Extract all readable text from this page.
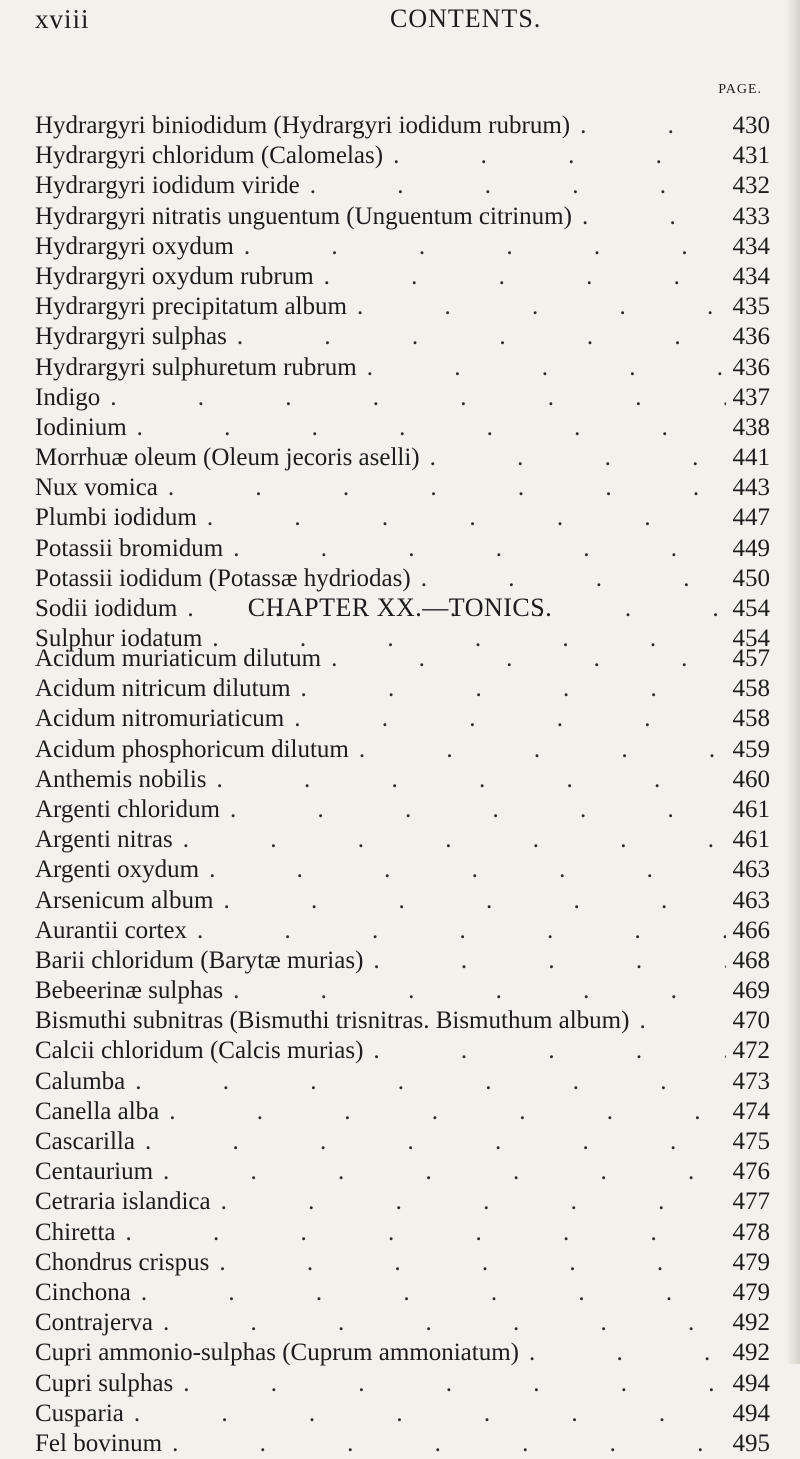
xviii	CONTENTS.
PAGE.
Hydrargyri biniodidum (Hydrargyri iodidum rubrum) .	430
Hydrargyri chloridum (Calomelas) .	431
Hydrargyri iodidum viride .	432
Hydrargyri nitratis unguentum (Unguentum citrinum) .	433
Hydrargyri oxydum .	434
Hydrargyri oxydum rubrum .	434
Hydrargyri precipitatum album .	435
Hydrargyri sulphas .	436
Hydrargyri sulphuretum rubrum .	436
Indigo .	437
Iodinium .	438
Morrhuæ oleum (Oleum jecoris aselli) .	441
Nux vomica .	443
Plumbi iodidum .	447
Potassii bromidum .	449
Potassii iodidum (Potassæ hydriodas) .	450
Sodii iodidum .	454
Sulphur iodatum .	454
CHAPTER XX.—TONICS.
Acidum muriaticum dilutum .	457
Acidum nitricum dilutum .	458
Acidum nitromuriaticum .	458
Acidum phosphoricum dilutum .	459
Anthemis nobilis .	460
Argenti chloridum .	461
Argenti nitras .	461
Argenti oxydum .	463
Arsenicum album .	463
Aurantii cortex .	466
Barii chloridum (Barytæ murias) .	468
Bebeerinæ sulphas .	469
Bismuthi subnitras (Bismuthi trisnitras. Bismuthum album) .	470
Calcii chloridum (Calcis murias) .	472
Calumba .	473
Canella alba .	474
Cascarilla .	475
Centaurium .	476
Cetraria islandica .	477
Chiretta .	478
Chondrus crispus .	479
Cinchona .	479
Contrajerva .	492
Cupri ammonio-sulphas (Cuprum ammoniatum) .	492
Cupri sulphas .	494
Cusparia .	494
Fel bovinum .	495
